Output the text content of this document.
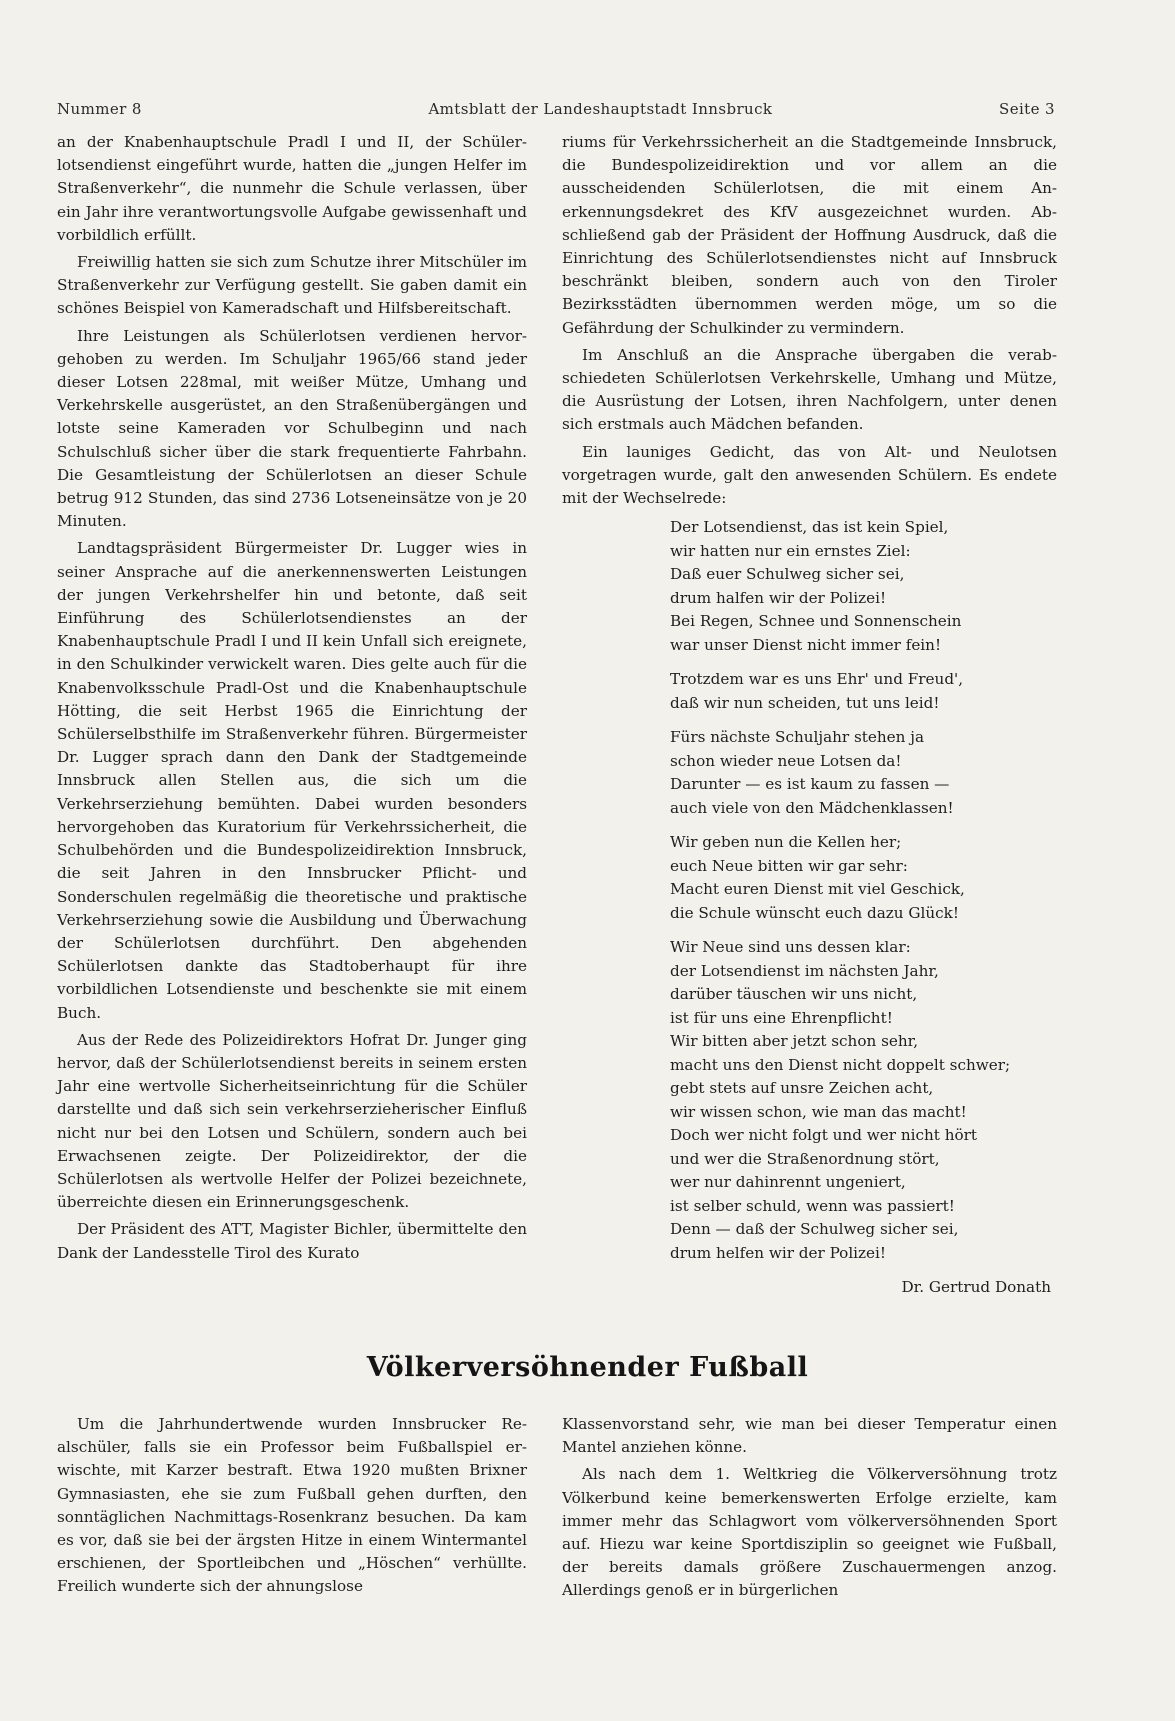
Nummer 8	Amtsblatt der Landeshauptstadt Innsbruck	Seite 3

an der Knabenhauptschule Pradl I und II, der Schülerlotsendienst eingeführt wurde, hatten die „jungen Helfer im Straßenverkehr“, die nunmehr die Schule verlassen, über ein Jahr ihre verantwortungsvolle Aufgabe gewissenhaft und vorbildlich erfüllt.

Freiwillig hatten sie sich zum Schutze ihrer Mitschüler im Straßenverkehr zur Verfügung gestellt. Sie gaben damit ein schönes Beispiel von Kameradschaft und Hilfsbereitschaft.

Ihre Leistungen als Schülerlotsen verdienen hervorgehoben zu werden. Im Schuljahr 1965/66 stand jeder dieser Lotsen 228mal, mit weißer Mütze, Umhang und Verkehrskelle ausgerüstet, an den Straßenübergängen und lotste seine Kameraden vor Schulbeginn und nach Schulschluß sicher über die stark frequentierte Fahrbahn. Die Gesamtleistung der Schülerlotsen an dieser Schule betrug 912 Stunden, das sind 2736 Lotseneinsätze von je 20 Minuten.

Landtagspräsident Bürgermeister Dr. Lugger wies in seiner Ansprache auf die anerkennenswerten Leistungen der jungen Verkehrshelfer hin und betonte, daß seit Einführung des Schülerlotsendienstes an der Knabenhauptschule Pradl I und II kein Unfall sich ereignete, in den Schulkinder verwickelt waren. Dies gelte auch für die Knabenvolksschule Pradl-Ost und die Knabenhauptschule Hötting, die seit Herbst 1965 die Einrichtung der Schülerselbsthilfe im Straßenverkehr führen. Bürgermeister Dr. Lugger sprach dann den Dank der Stadtgemeinde Innsbruck allen Stellen aus, die sich um die Verkehrserziehung bemühten. Dabei wurden besonders hervorgehoben das Kuratorium für Verkehrssicherheit, die Schulbehörden und die Bundespolizeidirektion Innsbruck, die seit Jahren in den Innsbrucker Pflicht- und Sonderschulen regelmäßig die theoretische und praktische Verkehrserziehung sowie die Ausbildung und Überwachung der Schülerlotsen durchführt. Den abgehenden Schülerlotsen dankte das Stadtoberhaupt für ihre vorbildlichen Lotsendienste und beschenkte sie mit einem Buch.

Aus der Rede des Polizeidirektors Hofrat Dr. Junger ging hervor, daß der Schülerlotsendienst bereits in seinem ersten Jahr eine wertvolle Sicherheitseinrichtung für die Schüler darstellte und daß sich sein verkehrserzieherischer Einfluß nicht nur bei den Lotsen und Schülern, sondern auch bei Erwachsenen zeigte. Der Polizeidirektor, der die Schülerlotsen als wertvolle Helfer der Polizei bezeichnete, überreichte diesen ein Erinnerungsgeschenk.

Der Präsident des ATT, Magister Bichler, übermittelte den Dank der Landesstelle Tirol des Kurato

riums für Verkehrssicherheit an die Stadtgemeinde Innsbruck, die Bundespolizeidirektion und vor allem an die ausscheidenden Schülerlotsen, die mit einem Anerkennungsdekret des KfV ausgezeichnet wurden. Abschließend gab der Präsident der Hoffnung Ausdruck, daß die Einrichtung des Schülerlotsendienstes nicht auf Innsbruck beschränkt bleiben, sondern auch von den Tiroler Bezirksstädten übernommen werden möge, um so die Gefährdung der Schulkinder zu vermindern.

Im Anschluß an die Ansprache übergaben die verabschiedeten Schülerlotsen Verkehrskelle, Umhang und Mütze, die Ausrüstung der Lotsen, ihren Nachfolgern, unter denen sich erstmals auch Mädchen befanden.

Ein launiges Gedicht, das von Alt- und Neulotsen vorgetragen wurde, galt den anwesenden Schülern. Es endete mit der Wechselrede:

Der Lotsendienst, das ist kein Spiel,
wir hatten nur ein ernstes Ziel:
Daß euer Schulweg sicher sei,
drum halfen wir der Polizei!
Bei Regen, Schnee und Sonnenschein
war unser Dienst nicht immer fein!
Trotzdem war es uns Ehr' und Freud',
daß wir nun scheiden, tut uns leid!
Fürs nächste Schuljahr stehen ja
schon wieder neue Lotsen da!
Darunter — es ist kaum zu fassen —
auch viele von den Mädchenklassen!
Wir geben nun die Kellen her;
euch Neue bitten wir gar sehr:
Macht euren Dienst mit viel Geschick,
die Schule wünscht euch dazu Glück!
Wir Neue sind uns dessen klar:
der Lotsendienst im nächsten Jahr,
darüber täuschen wir uns nicht,
ist für uns eine Ehrenpflicht!
Wir bitten aber jetzt schon sehr,
macht uns den Dienst nicht doppelt schwer;
gebt stets auf unsre Zeichen acht,
wir wissen schon, wie man das macht!
Doch wer nicht folgt und wer nicht hört
und wer die Straßenordnung stört,
wer nur dahinrennt ungeniert,
ist selber schuld, wenn was passiert!
Denn — daß der Schulweg sicher sei,
drum helfen wir der Polizei!

Dr. Gertrud Donath

Völkerversöhnender Fußball

Um die Jahrhundertwende wurden Innsbrucker Realschüler, falls sie ein Professor beim Fußballspiel erwischte, mit Karzer bestraft. Etwa 1920 mußten Brixner Gymnasiasten, ehe sie zum Fußball gehen durften, den sonntäglichen Nachmittags-Rosenkranz besuchen. Da kam es vor, daß sie bei der ärgsten Hitze in einem Wintermantel erschienen, der Sportleibchen und „Höschen“ verhüllte. Freilich wunderte sich der ahnungslose

Klassenvorstand sehr, wie man bei dieser Temperatur einen Mantel anziehen könne.

Als nach dem 1. Weltkrieg die Völkerversöhnung trotz Völkerbund keine bemerkenswerten Erfolge erzielte, kam immer mehr das Schlagwort vom völkerversöhnenden Sport auf. Hiezu war keine Sportdisziplin so geeignet wie Fußball, der bereits damals größere Zuschauermengen anzog. Allerdings genoß er in bürgerlichen
